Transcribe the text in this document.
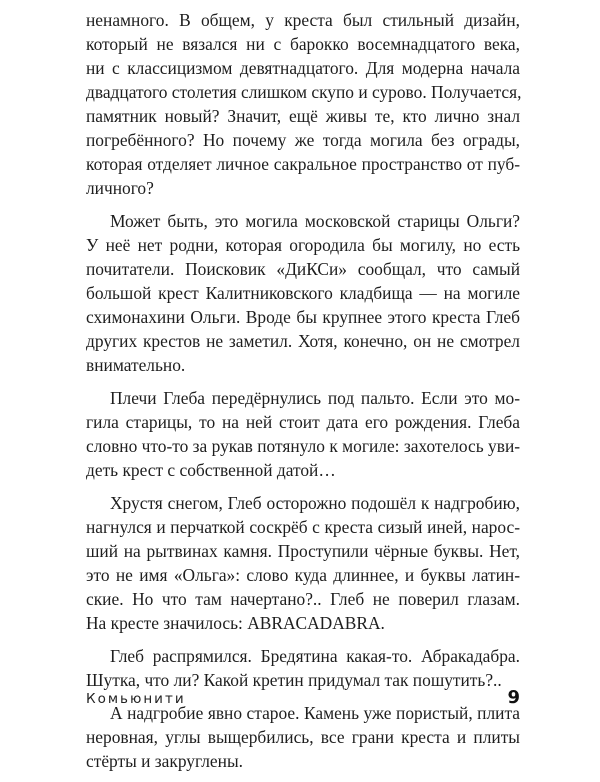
ненамного. В общем, у креста был стильный дизайн,
который не вязался ни с барокко восемнадцатого века,
ни с классицизмом девятнадцатого. Для модерна начала
двадцатого столетия слишком скупо и сурово. Получается,
памятник новый? Значит, ещё живы те, кто лично знал
погребённого? Но почему же тогда могила без ограды,
которая отделяет личное сакральное пространство от пуб-
личного?
Может быть, это могила московской старицы Ольги?
У неё нет родни, которая огородила бы могилу, но есть
почитатели. Поисковик «ДиКСи» сообщал, что самый
большой крест Калитниковского кладбища — на могиле
схимонахини Ольги. Вроде бы крупнее этого креста Глеб
других крестов не заметил. Хотя, конечно, он не смотрел
внимательно.
Плечи Глеба передёрнулись под пальто. Если это мо-
гила старицы, то на ней стоит дата его рождения. Глеба
словно что-то за рукав потянуло к могиле: захотелось уви-
деть крест с собственной датой…
Хрустя снегом, Глеб осторожно подошёл к надгробию,
нагнулся и перчаткой соскрёб с креста сизый иней, нарос-
ший на рытвинах камня. Проступили чёрные буквы. Нет,
это не имя «Ольга»: слово куда длиннее, и буквы латин-
ские. Но что там начертано?.. Глеб не поверил глазам.
На кресте значилось: ABRACADABRA.
Глеб распрямился. Бредятина какая-то. Абракадабра.
Шутка, что ли? Какой кретин придумал так пошутить?..
А надгробие явно старое. Камень уже пористый, плита
неровная, углы выщербились, все грани креста и плиты
стёрты и закруглены.
Комьюнити	9
